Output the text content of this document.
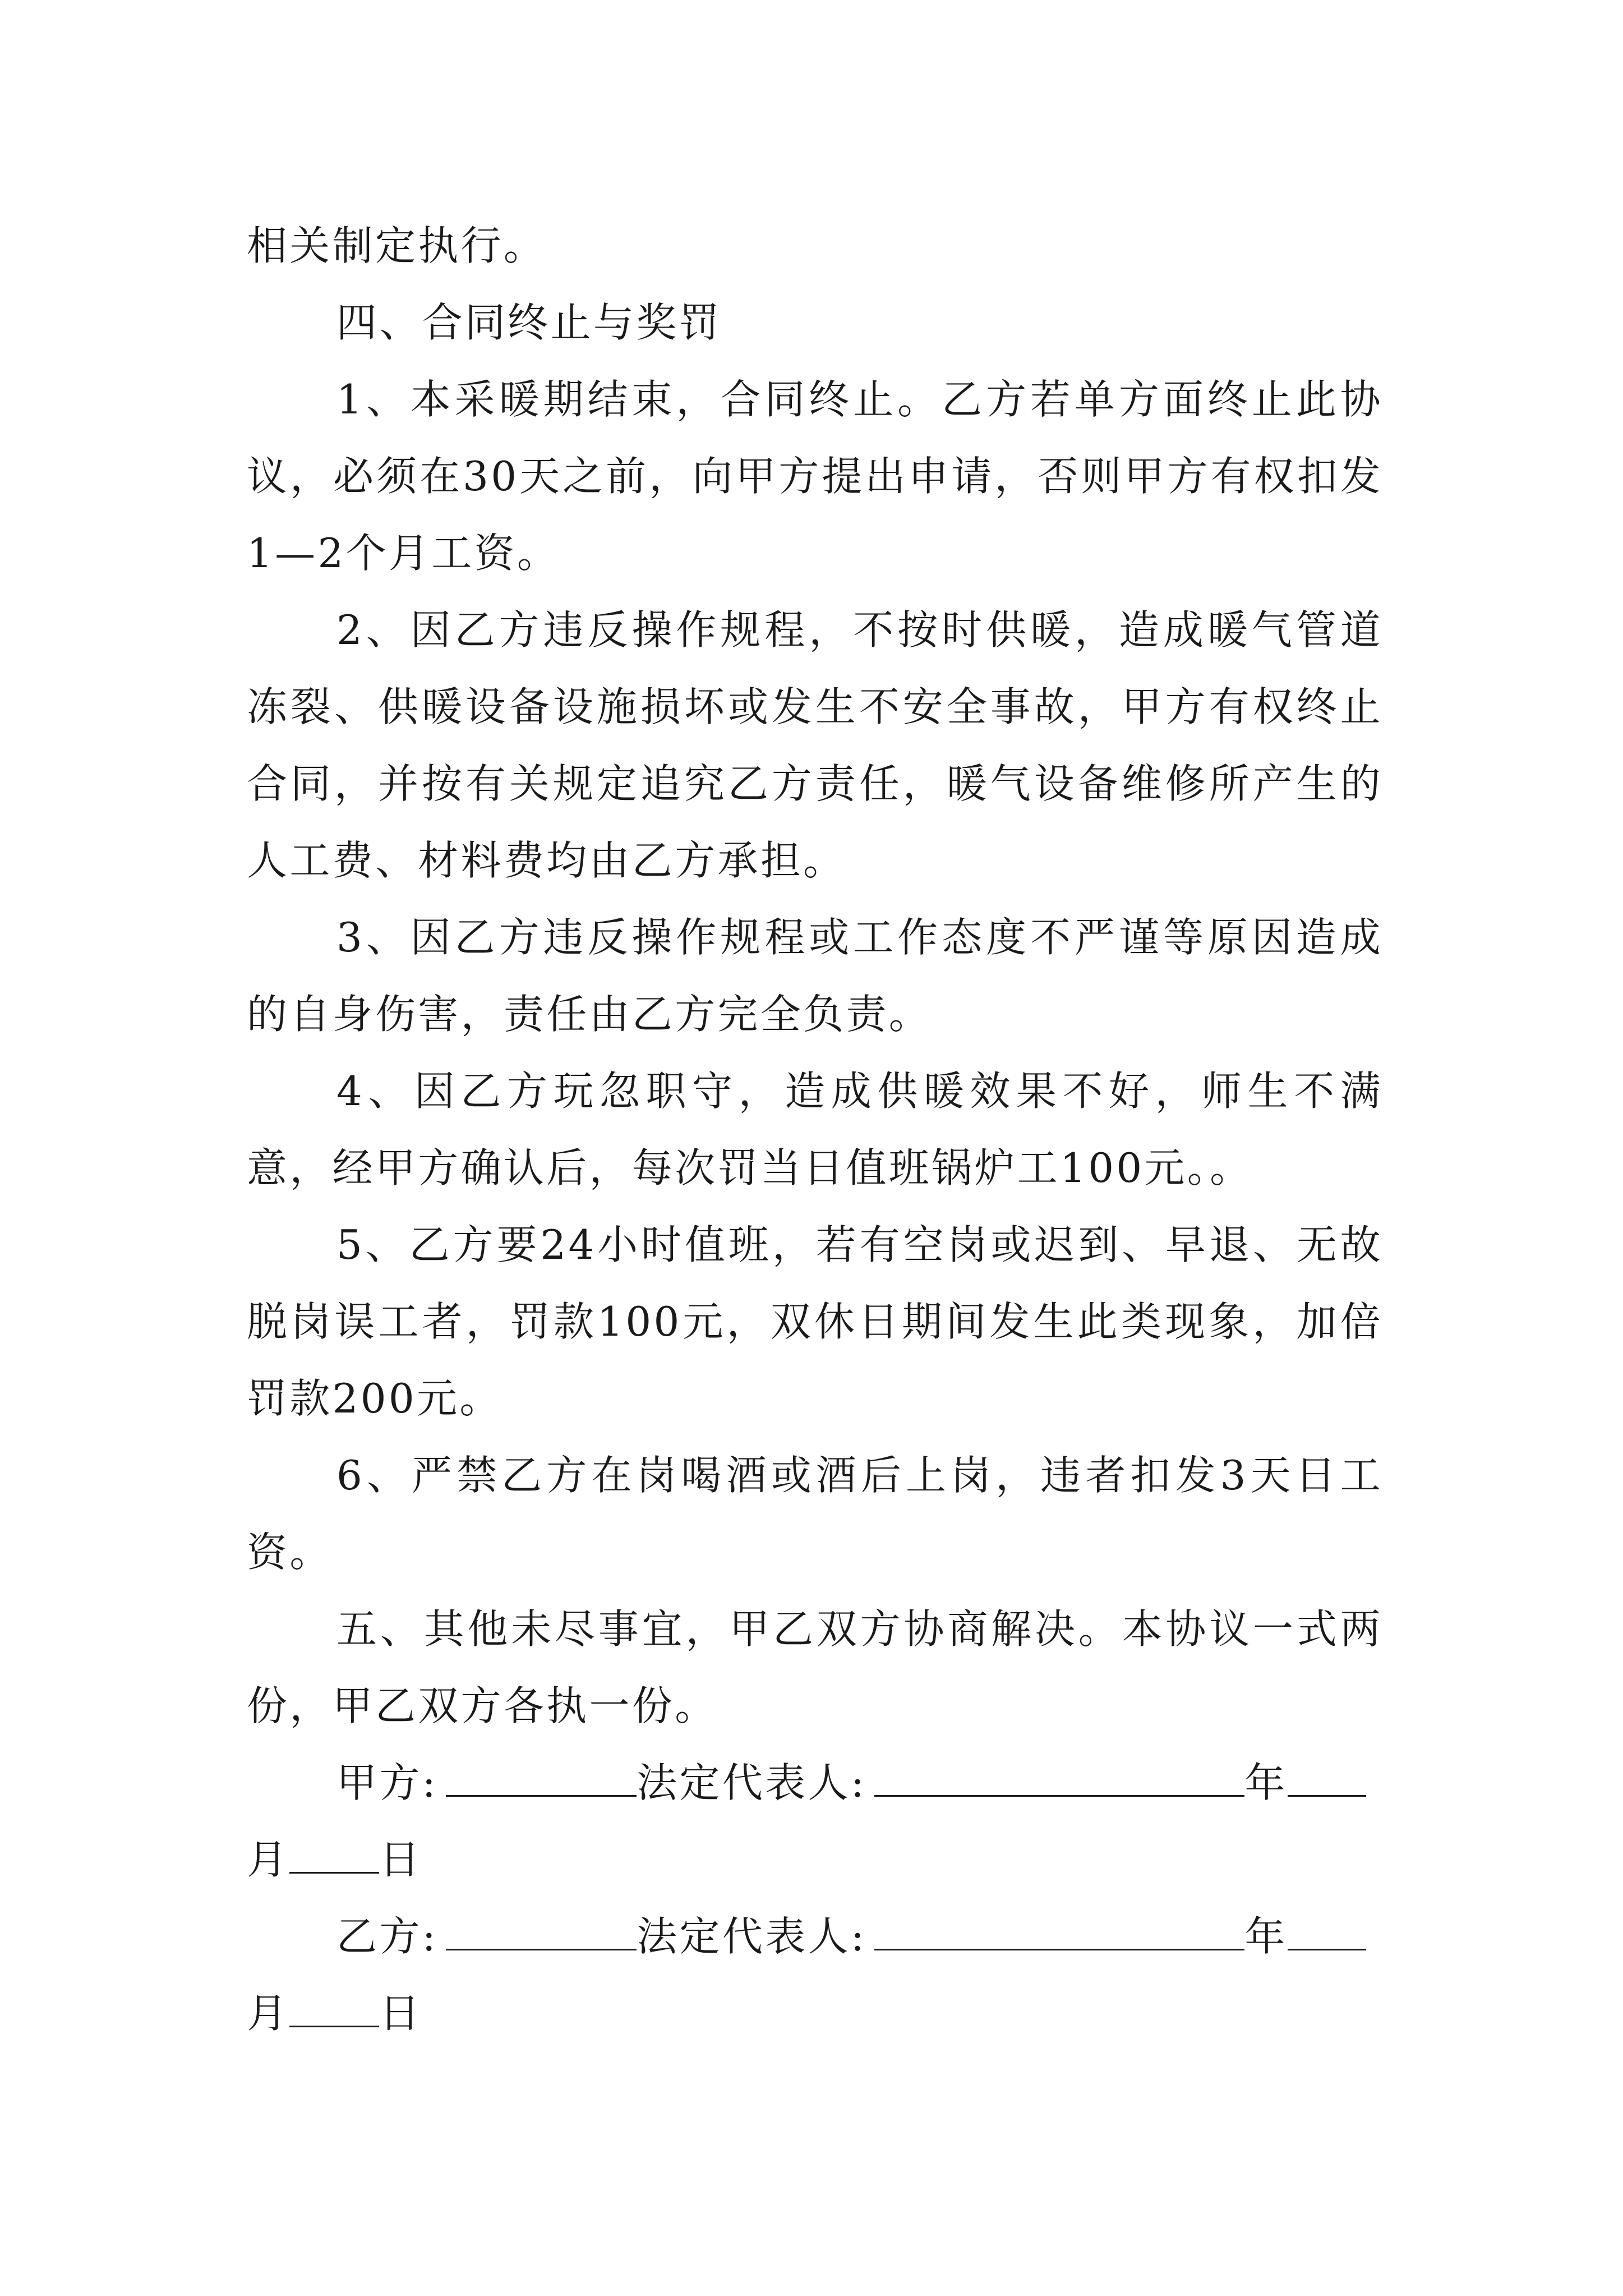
相关制定执行。

四、合同终止与奖罚

1、本采暖期结束，合同终止。乙方若单方面终止此协议，必须在30天之前，向甲方提出申请，否则甲方有权扣发1—2个月工资。

2、因乙方违反操作规程，不按时供暖，造成暖气管道冻裂、供暖设备设施损坏或发生不安全事故，甲方有权终止合同，并按有关规定追究乙方责任，暖气设备维修所产生的人工费、材料费均由乙方承担。

3、因乙方违反操作规程或工作态度不严谨等原因造成的自身伤害，责任由乙方完全负责。

4、因乙方玩忽职守，造成供暖效果不好，师生不满意，经甲方确认后，每次罚当日值班锅炉工100元。。

5、乙方要24小时值班，若有空岗或迟到、早退、无故脱岗误工者，罚款100元，双休日期间发生此类现象，加倍罚款200元。

6、严禁乙方在岗喝酒或酒后上岗，违者扣发3天日工资。

五、其他未尽事宜，甲乙双方协商解决。本协议一式两份，甲乙双方各执一份。

甲方:	法定代表人:	年

月 日

乙方:	法定代表人:	年

月 日
